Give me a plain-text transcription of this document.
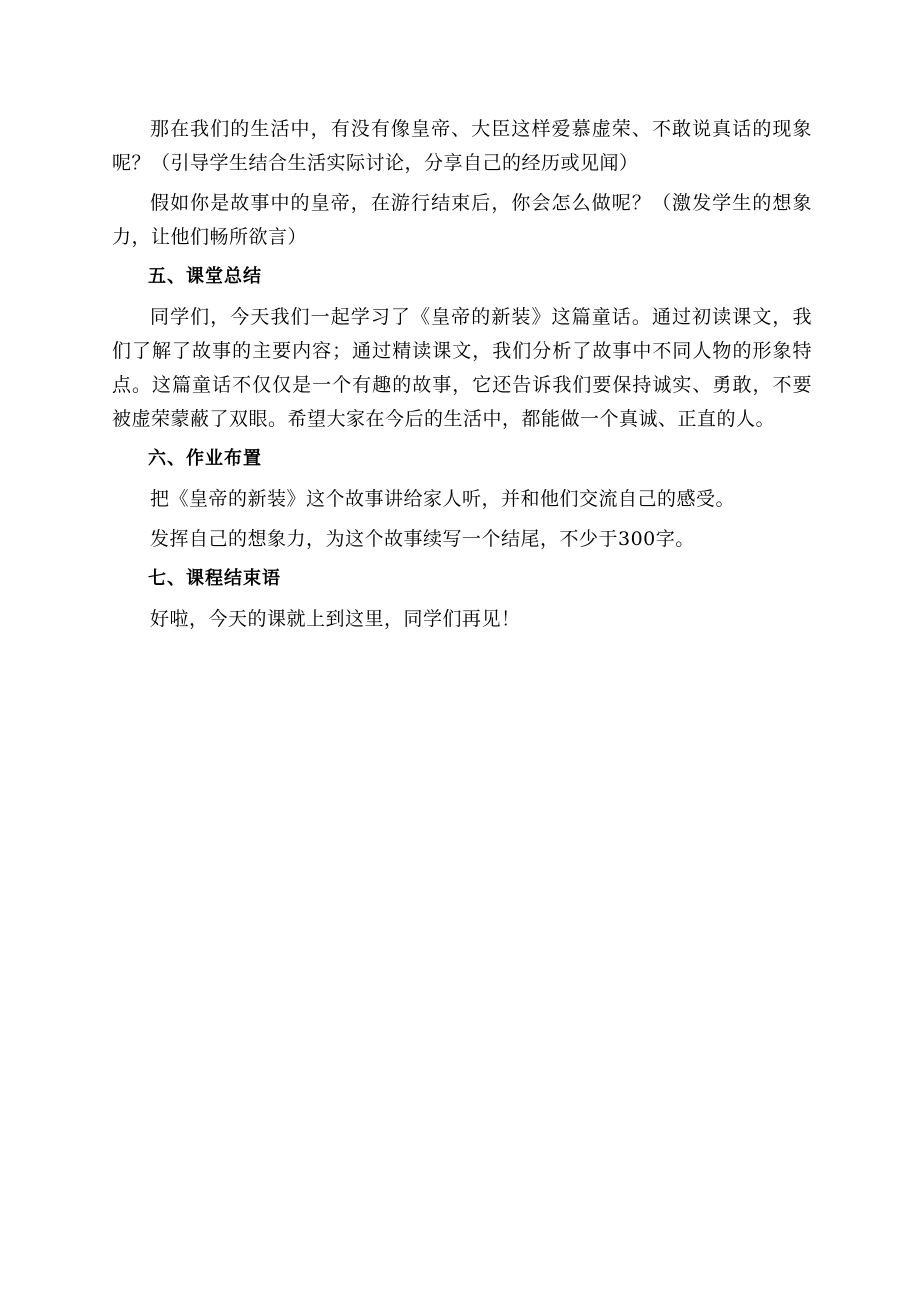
那在我们的生活中，有没有像皇帝、大臣这样爱慕虚荣、不敢说真话的现象呢？（引导学生结合生活实际讨论，分享自己的经历或见闻）

假如你是故事中的皇帝，在游行结束后，你会怎么做呢？（激发学生的想象力，让他们畅所欲言）

五、课堂总结

同学们，今天我们一起学习了《皇帝的新装》这篇童话。通过初读课文，我们了解了故事的主要内容；通过精读课文，我们分析了故事中不同人物的形象特点。这篇童话不仅仅是一个有趣的故事，它还告诉我们要保持诚实、勇敢，不要被虚荣蒙蔽了双眼。希望大家在今后的生活中，都能做一个真诚、正直的人。

六、作业布置

把《皇帝的新装》这个故事讲给家人听，并和他们交流自己的感受。

发挥自己的想象力，为这个故事续写一个结尾，不少于300字。

七、课程结束语

好啦，今天的课就上到这里，同学们再见！
